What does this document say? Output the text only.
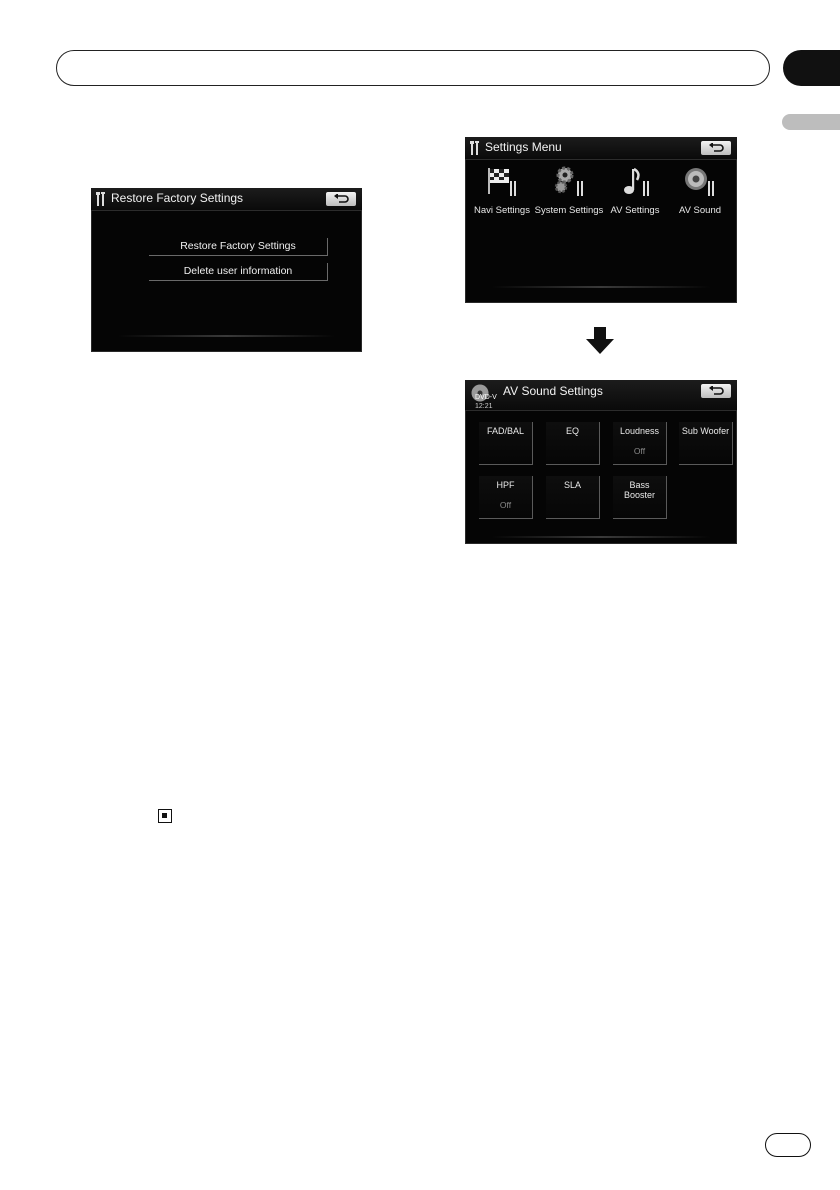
Restore Factory Settings
Restore Factory Settings
Delete user information
Settings Menu
Navi Settings System Settings AV Settings	AV Sound
DVD-V
12:21
AV Sound Settings
FAD/BAL	EQ	Loudness
Off
Sub Woofer
HPF
Off
SLA	Bass
Booster
